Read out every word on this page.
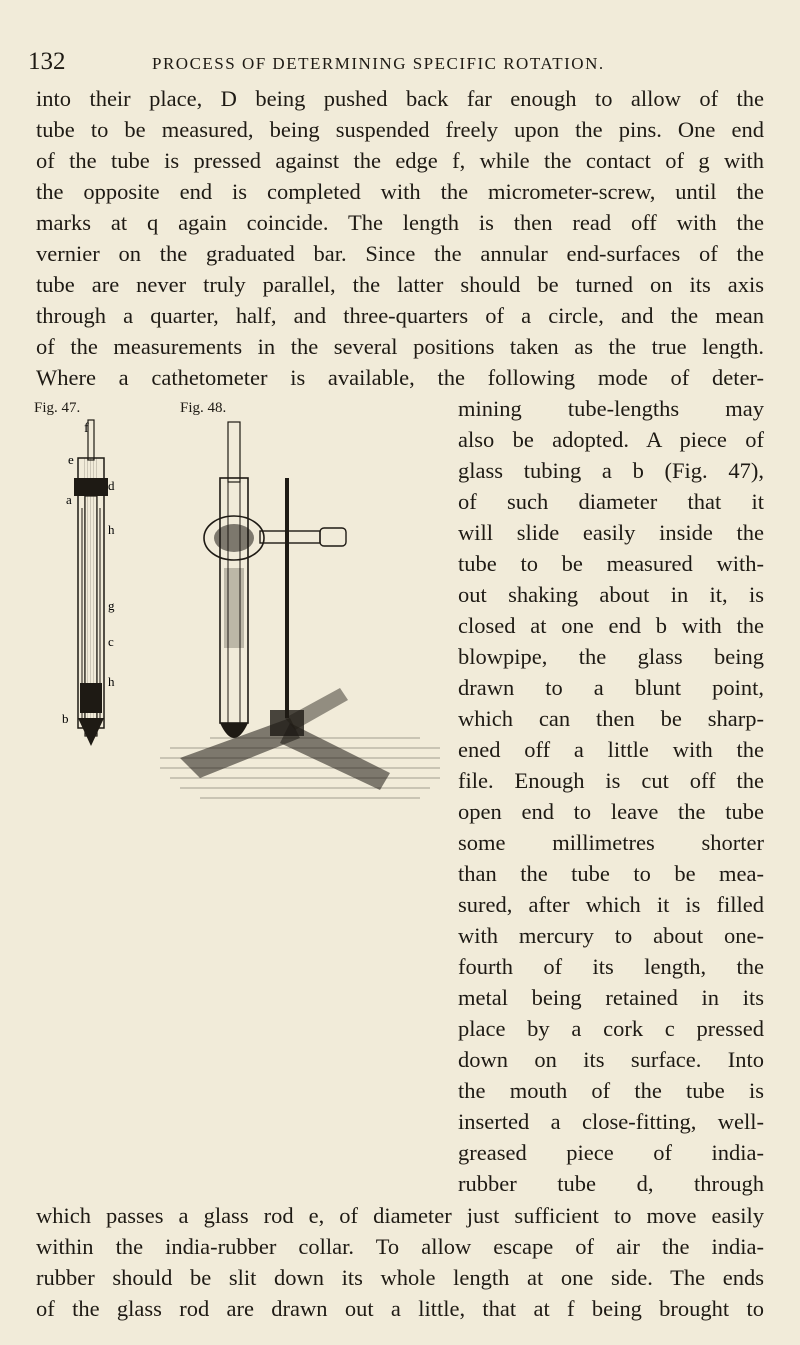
132	PROCESS OF DETERMINING SPECIFIC ROTATION.
into their place, D being pushed back far enough to allow of the
tube to be measured, being suspended freely upon the pins. One end
of the tube is pressed against the edge f, while the contact of g with
the opposite end is completed with the micrometer-screw, until the
marks at q again coincide. The length is then read off with the
vernier on the graduated bar. Since the annular end-surfaces of the
tube are never truly parallel, the latter should be turned on its axis
through a quarter, half, and three-quarters of a circle, and the mean
of the measurements in the several positions taken as the true length.
Where a cathetometer is available, the following mode of deter-
mining tube-lengths may
also be adopted. A piece of
glass tubing a b (Fig. 47),
of such diameter that it
will slide easily inside the
tube to be measured with-
out shaking about in it, is
closed at one end b with the
blowpipe, the glass being
drawn to a blunt point,
which can then be sharp-
ened off a little with the
file. Enough is cut off the
open end to leave the tube
some millimetres shorter
than the tube to be mea-
sured, after which it is filled
with mercury to about one-
fourth of its length, the
metal being retained in its
place by a cork c pressed
down on its surface. Into
the mouth of the tube is
inserted a close-fitting, well-
greased piece of india-
rubber tube d, through
which passes a glass rod e, of diameter just sufficient to move easily
within the india-rubber collar. To allow escape of air the india-
rubber should be slit down its whole length at one side. The ends
of the glass rod are drawn out a little, that at f being brought to
Fig. 47.
f
e
d
a
h
g
c
h
b
Fig. 48.
